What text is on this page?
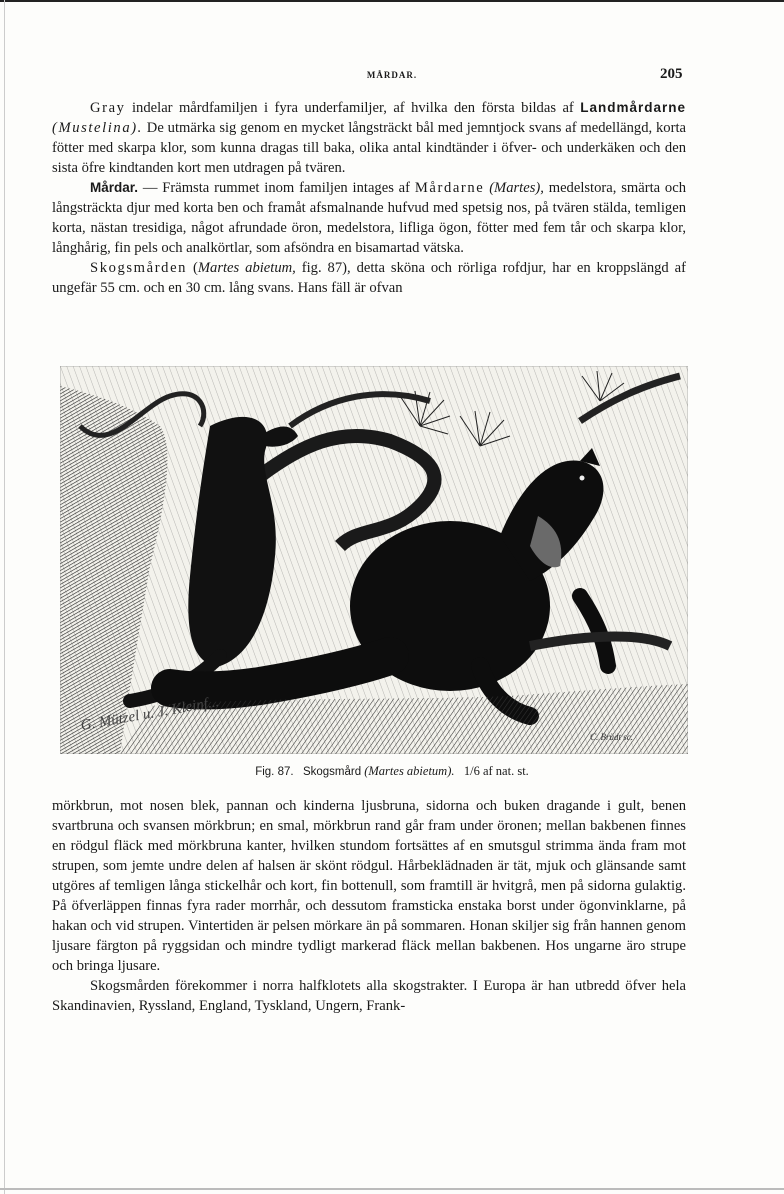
MÅRDAR.	205

Gray indelar mårdfamiljen i fyra underfamiljer, af hvilka den första bildas af Landmårdarne (Mustelina). De utmärka sig genom en mycket långsträckt bål med jemntjock svans af medellängd, korta fötter med skarpa klor, som kunna dragas till baka, olika antal kindtänder i öfver- och underkäken och den sista öfre kindtanden kort men utdragen på tvären.

Mårdar. — Främsta rummet inom familjen intages af Mårdarne (Martes), medelstora, smärta och långsträckta djur med korta ben och framåt afsmalnande hufvud med spetsig nos, på tvären stälda, temligen korta, nästan tresidiga, något afrundade öron, medelstora, lifliga ögon, fötter med fem tår och skarpa klor, långhårig, fin pels och analkörtlar, som afsöndra en bisamartad vätska.

Skogsmården (Martes abietum, fig. 87), detta sköna och rörliga rofdjur, har en kroppslängd af ungefär 55 cm. och en 30 cm. lång svans. Hans fäll är ofvan

G. Mützel u. J. Kleinf...
C. Brüdt sc.
Fig. 87. Skogsmård (Martes abietum). 1/6 af nat. st.

mörkbrun, mot nosen blek, pannan och kinderna ljusbruna, sidorna och buken dragande i gult, benen svartbruna och svansen mörkbrun; en smal, mörkbrun rand går fram under öronen; mellan bakbenen finnes en rödgul fläck med mörkbruna kanter, hvilken stundom fortsättes af en smutsgul strimma ända fram mot strupen, som jemte undre delen af halsen är skönt rödgul. Hårbeklädnaden är tät, mjuk och glänsande samt utgöres af temligen långa stickelhår och kort, fin bottenull, som framtill är hvitgrå, men på sidorna gulaktig. På öfverläppen finnas fyra rader morrhår, och dessutom framsticka enstaka borst under ögonvinklarne, på hakan och vid strupen. Vintertiden är pelsen mörkare än på sommaren. Honan skiljer sig från hannen genom ljusare färgton på ryggsidan och mindre tydligt markerad fläck mellan bakbenen. Hos ungarne äro strupe och bringa ljusare.

Skogsmården förekommer i norra halfklotets alla skogstrakter. I Europa är han utbredd öfver hela Skandinavien, Ryssland, England, Tyskland, Ungern, Frank-
